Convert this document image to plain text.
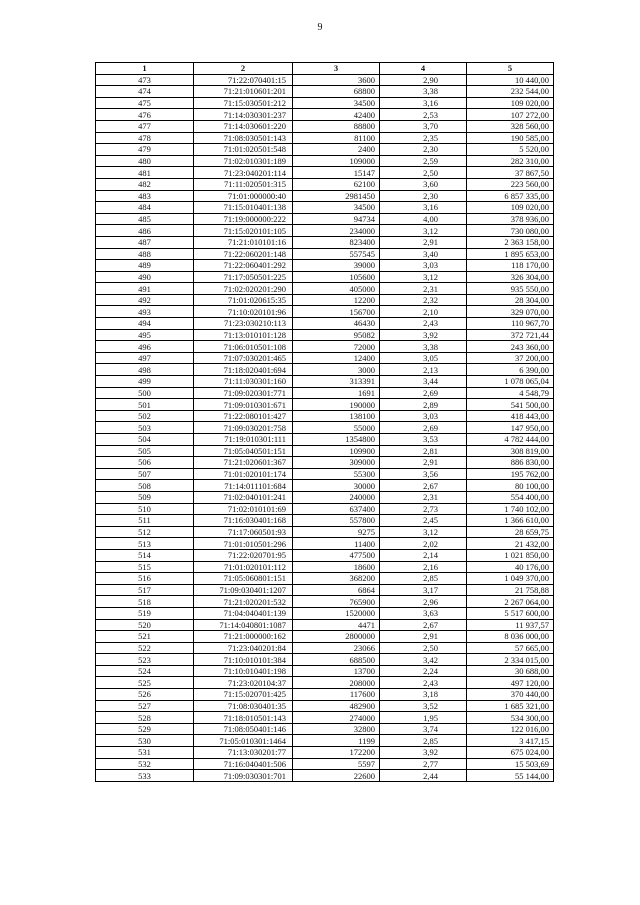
9
1	2	3	4	5
473	71:22:070401:15	3600	2,90	10 440,00
474	71:21:010601:201	68800	3,38	232 544,00
475	71:15:030501:212	34500	3,16	109 020,00
476	71:14:030301:237	42400	2,53	107 272,00
477	71:14:030601:220	88800	3,70	328 560,00
478	71:08:030501:143	81100	2,35	190 585,00
479	71:01:020501:548	2400	2,30	5 520,00
480	71:02:010301:189	109000	2,59	282 310,00
481	71:23:040201:114	15147	2,50	37 867,50
482	71:11:020501:315	62100	3,60	223 560,00
483	71:01:000000:40	2981450	2,30	6 857 335,00
484	71:15:010401:138	34500	3,16	109 020,00
485	71:19:000000:222	94734	4,00	378 936,00
486	71:15:020101:105	234000	3,12	730 080,00
487	71:21:010101:16	823400	2,91	2 363 158,00
488	71:22:060201:148	557545	3,40	1 895 653,00
489	71:22:060401:292	39000	3,03	118 170,00
490	71:17:050501:225	105600	3,12	326 304,00
491	71:02:020201:290	405000	2,31	935 550,00
492	71:01:020615:35	12200	2,32	28 304,00
493	71:10:020101:96	156700	2,10	329 070,00
494	71:23:030210:113	46430	2,43	110 967,70
495	71:13:010101:128	95082	3,92	372 721,44
496	71:06:010501:108	72000	3,38	243 360,00
497	71:07:030201:465	12400	3,05	37 200,00
498	71:18:020401:694	3000	2,13	6 390,00
499	71:11:030301:160	313391	3,44	1 078 065,04
500	71:09:020301:771	1691	2,69	4 548,79
501	71:09:010301:671	190000	2,89	541 500,00
502	71:22:080101:427	138100	3,03	418 443,00
503	71:09:030201:758	55000	2,69	147 950,00
504	71:19:010301:111	1354800	3,53	4 782 444,00
505	71:05:040501:151	109900	2,81	308 819,00
506	71:21:020601:367	309000	2,91	886 830,00
507	71:01:020101:174	55300	3,56	195 762,00
508	71:14:011101:684	30000	2,67	80 100,00
509	71:02:040101:241	240000	2,31	554 400,00
510	71:02:010101:69	637400	2,73	1 740 102,00
511	71:16:030401:168	557800	2,45	1 366 610,00
512	71:17:060501:93	9275	3,12	28 659,75
513	71:01:010501:296	11400	2,02	21 432,00
514	71:22:020701:95	477500	2,14	1 021 850,00
515	71:01:020101:112	18600	2,16	40 176,00
516	71:05:060801:151	368200	2,85	1 049 370,00
517	71:09:030401:1207	6864	3,17	21 758,88
518	71:21:020201:532	765900	2,96	2 267 064,00
519	71:04:040401:139	1520000	3,63	5 517 600,00
520	71:14:040801:1087	4471	2,67	11 937,57
521	71:21:000000:162	2800000	2,91	8 036 000,00
522	71:23:040201:84	23066	2,50	57 665,00
523	71:10:010101:384	688500	3,42	2 334 015,00
524	71:10:010401:198	13700	2,24	30 688,00
525	71:23:020104:37	208000	2,43	497 120,00
526	71:15:020701:425	117600	3,18	370 440,00
527	71:08:030401:35	482900	3,52	1 685 321,00
528	71:18:010501:143	274000	1,95	534 300,00
529	71:08:050401:146	32800	3,74	122 016,00
530	71:05:010301:1464	1199	2,85	3 417,15
531	71:13:030201:77	172200	3,92	675 024,00
532	71:16:040401:506	5597	2,77	15 503,69
533	71:09:030301:701	22600	2,44	55 144,00
